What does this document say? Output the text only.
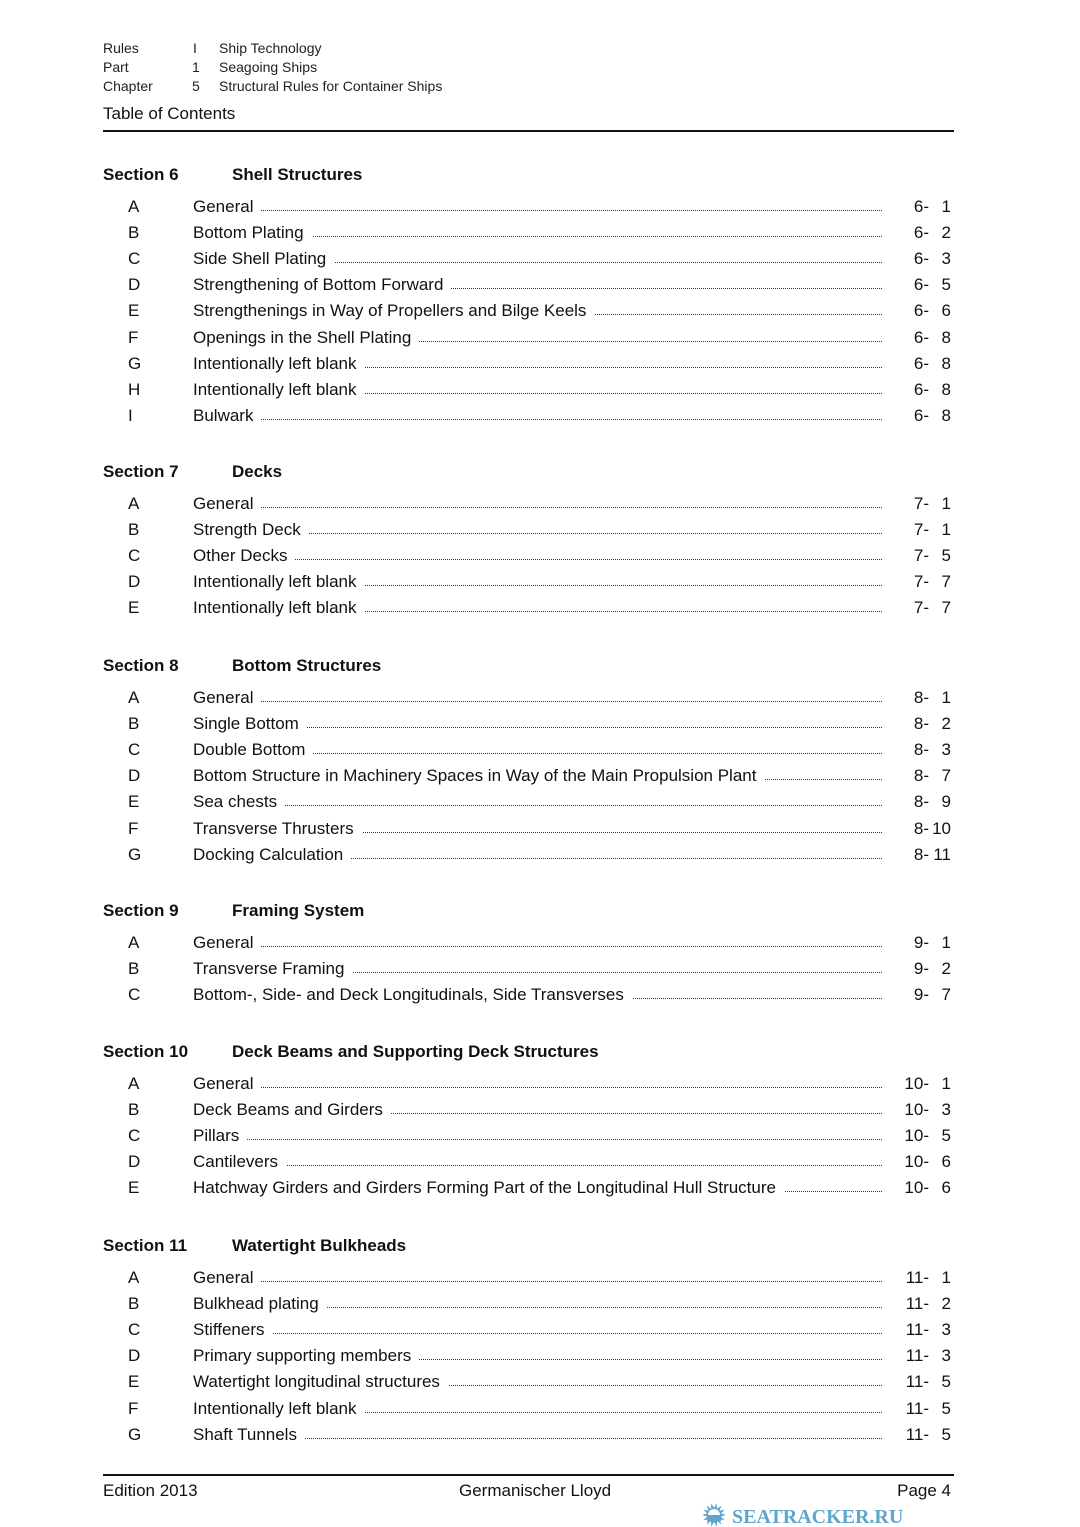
Rules	I Ship Technology
Part	1 Seagoing Ships
Chapter	5 Structural Rules for Container Ships
Table of Contents
Section 6	Shell Structures
A	General	6- 1
B	Bottom Plating	6- 2
C	Side Shell Plating	6- 3
D	Strengthening of Bottom Forward	6- 5
E	Strengthenings in Way of Propellers and Bilge Keels	6- 6
F	Openings in the Shell Plating	6- 8
G	Intentionally left blank	6- 8
H	Intentionally left blank	6- 8
I	Bulwark	6- 8
Section 7	Decks
A	General	7- 1
B	Strength Deck	7- 1
C	Other Decks	7- 5
D	Intentionally left blank	7- 7
E	Intentionally left blank	7- 7
Section 8	Bottom Structures
A	General	8- 1
B	Single Bottom	8- 2
C	Double Bottom	8- 3
D	Bottom Structure in Machinery Spaces in Way of the Main Propulsion Plant	8- 7
E	Sea chests	8- 9
F	Transverse Thrusters	8- 10
G	Docking Calculation	8- 11
Section 9	Framing System
A	General	9- 1
B	Transverse Framing	9- 2
C	Bottom-, Side- and Deck Longitudinals, Side Transverses	9- 7
Section 10	Deck Beams and Supporting Deck Structures
A	General	10- 1
B	Deck Beams and Girders	10- 3
C	Pillars	10- 5
D	Cantilevers	10- 6
E	Hatchway Girders and Girders Forming Part of the Longitudinal Hull Structure	10- 6
Section 11	Watertight Bulkheads
A	General	11- 1
B	Bulkhead plating	11- 2
C	Stiffeners	11- 3
D	Primary supporting members	11- 3
E	Watertight longitudinal structures	11- 5
F	Intentionally left blank	11- 5
G	Shaft Tunnels	11- 5
Edition 2013	Germanischer Lloyd	Page 4
SEATRACKER.RU
